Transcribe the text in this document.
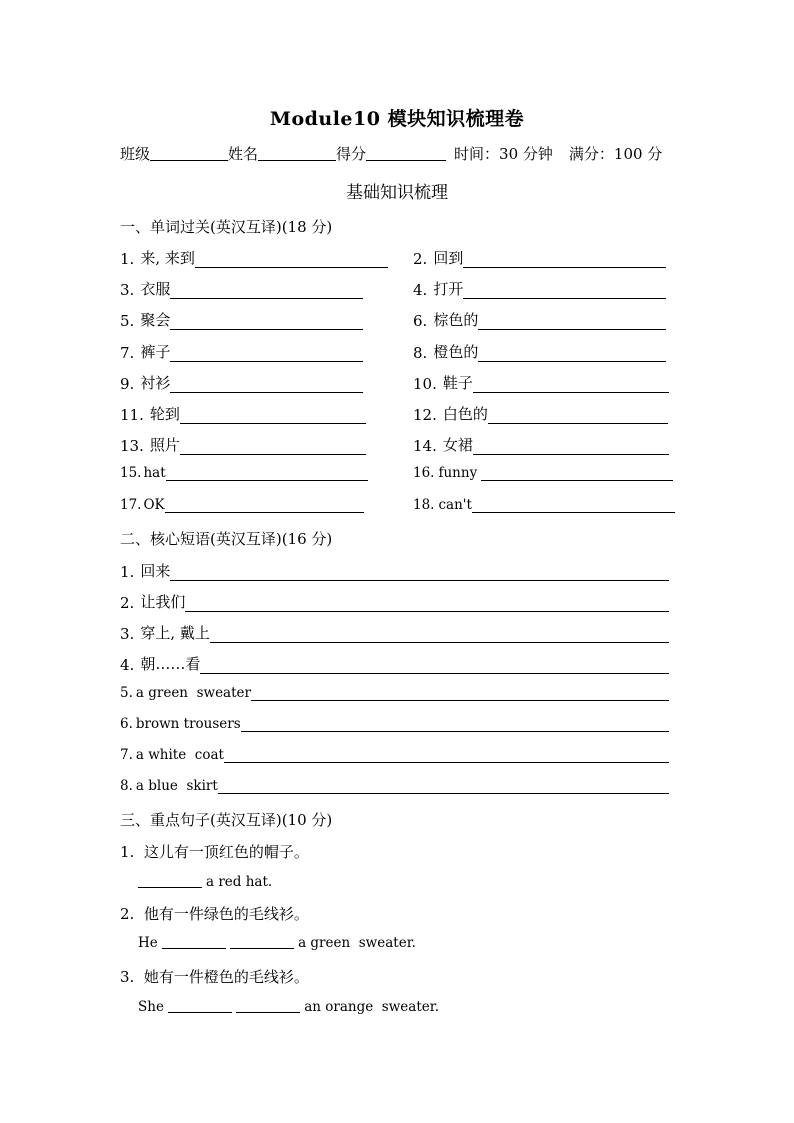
Module10 模块知识梳理卷
班级	姓名	得分	时间：30 分钟 满分：100 分
基础知识梳理
一、单词过关(英汉互译)(18 分)
1. 来, 来到	2. 回到
3. 衣服	4. 打开
5. 聚会	6. 棕色的
7. 裤子	8. 橙色的
9. 衬衫	10. 鞋子
11. 轮到	12. 白色的
13. 照片	14. 女裙
15. hat	16. funny
17. OK	18. can't
二、核心短语(英汉互译)(16 分)
1. 回来
2. 让我们
3. 穿上, 戴上
4. 朝……看
5. a green  sweater
6. brown trousers
7. a white  coat
8. a blue  skirt
三、重点句子(英汉互译)(10 分)
1. 这儿有一顶红色的帽子。
a red hat.
2. 他有一件绿色的毛线衫。
He	a green  sweater.
3. 她有一件橙色的毛线衫。
She	an orange  sweater.
